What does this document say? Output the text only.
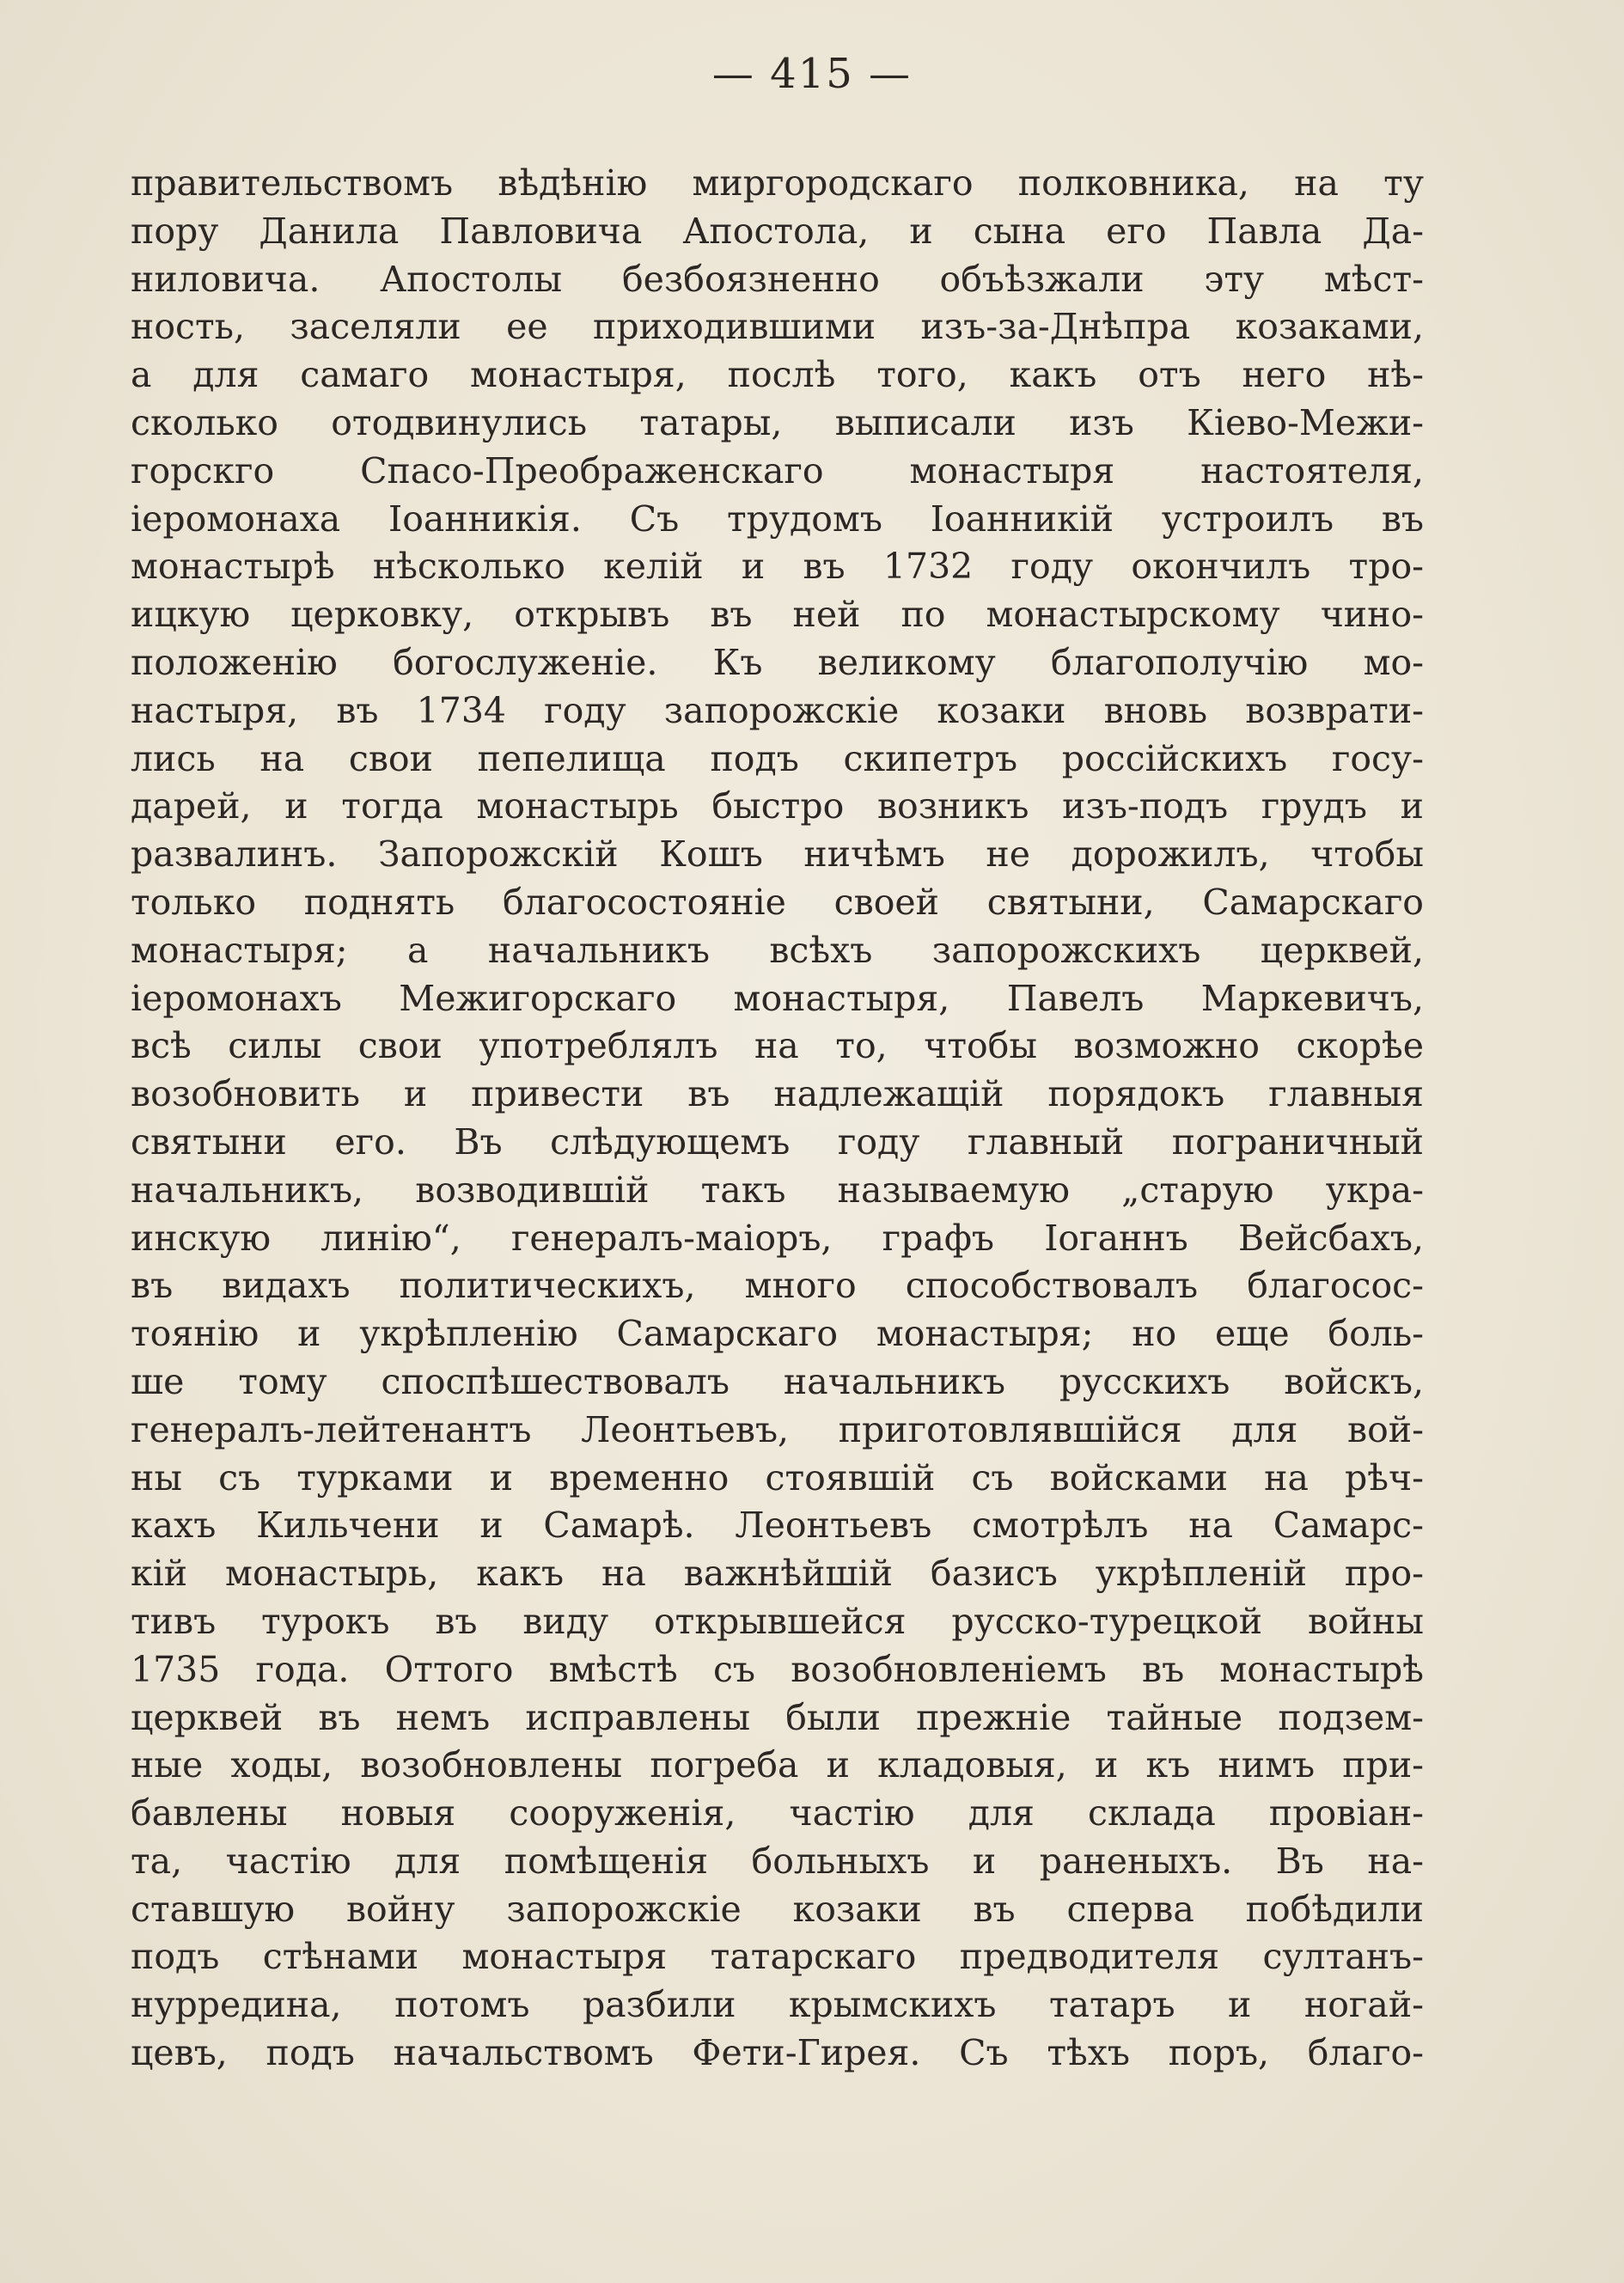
— 415 —
правительствомъ вѣдѣнію миргородскаго полковника, на ту
пору Данила Павловича Апостола, и сына его Павла Да-
ниловича. Апостолы безбоязненно объѣзжали эту мѣст-
ность, заселяли ее приходившими изъ-за-Днѣпра козаками,
а для самаго монастыря, послѣ того, какъ отъ него нѣ-
сколько отодвинулись татары, выписали изъ Кіево-Межи-
горскго Спасо-Преображенскаго монастыря настоятеля,
іеромонаха Іоанникія. Съ трудомъ Іоанникій устроилъ въ
монастырѣ нѣсколько келій и въ 1732 году окончилъ тро-
ицкую церковку, открывъ въ ней по монастырскому чино-
положенію богослуженіе. Къ великому благополучію мо-
настыря, въ 1734 году запорожскіе козаки вновь возврати-
лись на свои пепелища подъ скипетръ россійскихъ госу-
дарей, и тогда монастырь быстро возникъ изъ-подъ грудъ и
развалинъ. Запорожскій Кошъ ничѣмъ не дорожилъ, чтобы
только поднять благосостояніе своей святыни, Самарскаго
монастыря; а начальникъ всѣхъ запорожскихъ церквей,
іеромонахъ Межигорскаго монастыря, Павелъ Маркевичъ,
всѣ силы свои употреблялъ на то, чтобы возможно скорѣе
возобновить и привести въ надлежащій порядокъ главныя
святыни его. Въ слѣдующемъ году главный пограничный
начальникъ, возводившій такъ называемую „старую укра-
инскую линію“, генералъ-маіоръ, графъ Іоганнъ Вейсбахъ,
въ видахъ политическихъ, много способствовалъ благосос-
тоянію и укрѣпленію Самарскаго монастыря; но еще боль-
ше тому споспѣшествовалъ начальникъ русскихъ войскъ,
генералъ-лейтенантъ Леонтьевъ, приготовлявшійся для вой-
ны съ турками и временно стоявшій съ войсками на рѣч-
кахъ Кильчени и Самарѣ. Леонтьевъ смотрѣлъ на Самарс-
кій монастырь, какъ на важнѣйшій базисъ укрѣпленій про-
тивъ турокъ въ виду открывшейся русско-турецкой войны
1735 года. Оттого вмѣстѣ съ возобновленіемъ въ монастырѣ
церквей въ немъ исправлены были прежніе тайные подзем-
ные ходы, возобновлены погреба и кладовыя, и къ нимъ при-
бавлены новыя сооруженія, частію для склада провіан-
та, частію для помѣщенія больныхъ и раненыхъ. Въ на-
ставшую войну запорожскіе козаки въ сперва побѣдили
подъ стѣнами монастыря татарскаго предводителя султанъ-
нурредина, потомъ разбили крымскихъ татаръ и ногай-
цевъ, подъ начальствомъ Фети-Гирея. Съ тѣхъ поръ, благо-
